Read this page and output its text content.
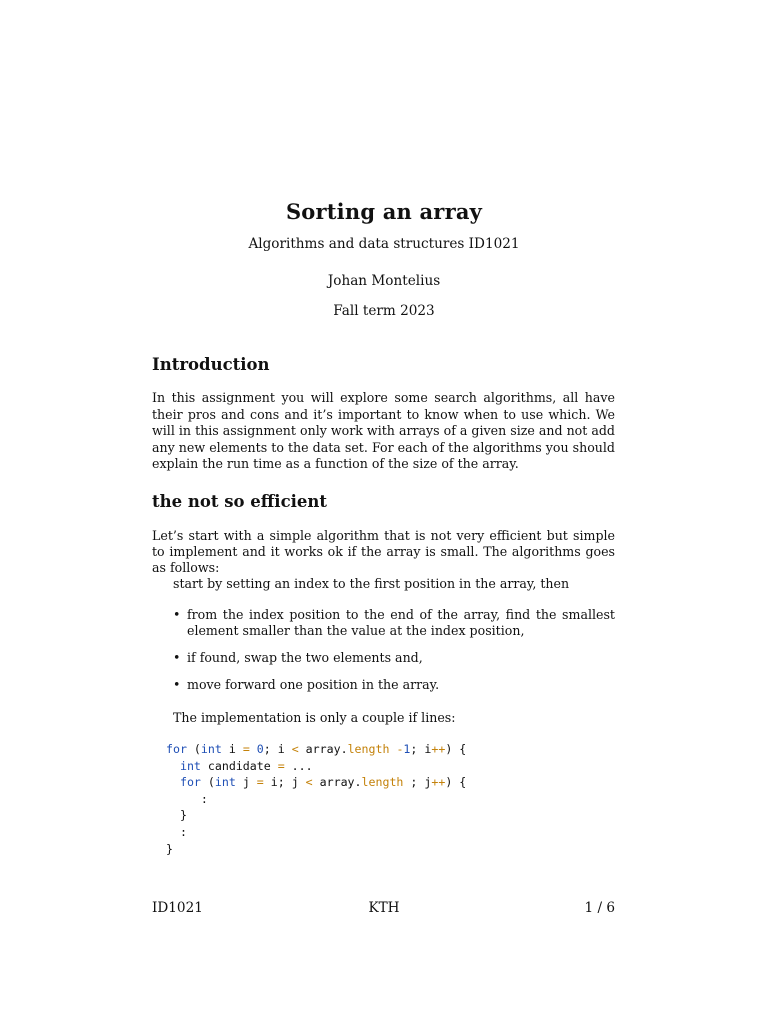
Sorting an array
Algorithms and data structures ID1021
Johan Montelius
Fall term 2023
Introduction
In this assignment you will explore some search algorithms, all have their pros and cons and it’s important to know when to use which. We will in this assignment only work with arrays of a given size and not add any new elements to the data set. For each of the algorithms you should explain the run time as a function of the size of the array.
the not so efficient
Let’s start with a simple algorithm that is not very efficient but simple to implement and it works ok if the array is small. The algorithms goes as follows:
start by setting an index to the first position in the array, then
• from the index position to the end of the array, find the smallest element smaller than the value at the index position,
• if found, swap the two elements and,
• move forward one position in the array.
The implementation is only a couple if lines:
for (int i = 0; i < array.length -1; i++) {
int candidate = ...
for (int j = i; j < array.length ; j++) {
:
}
:
}
ID1021	KTH	1 / 6
